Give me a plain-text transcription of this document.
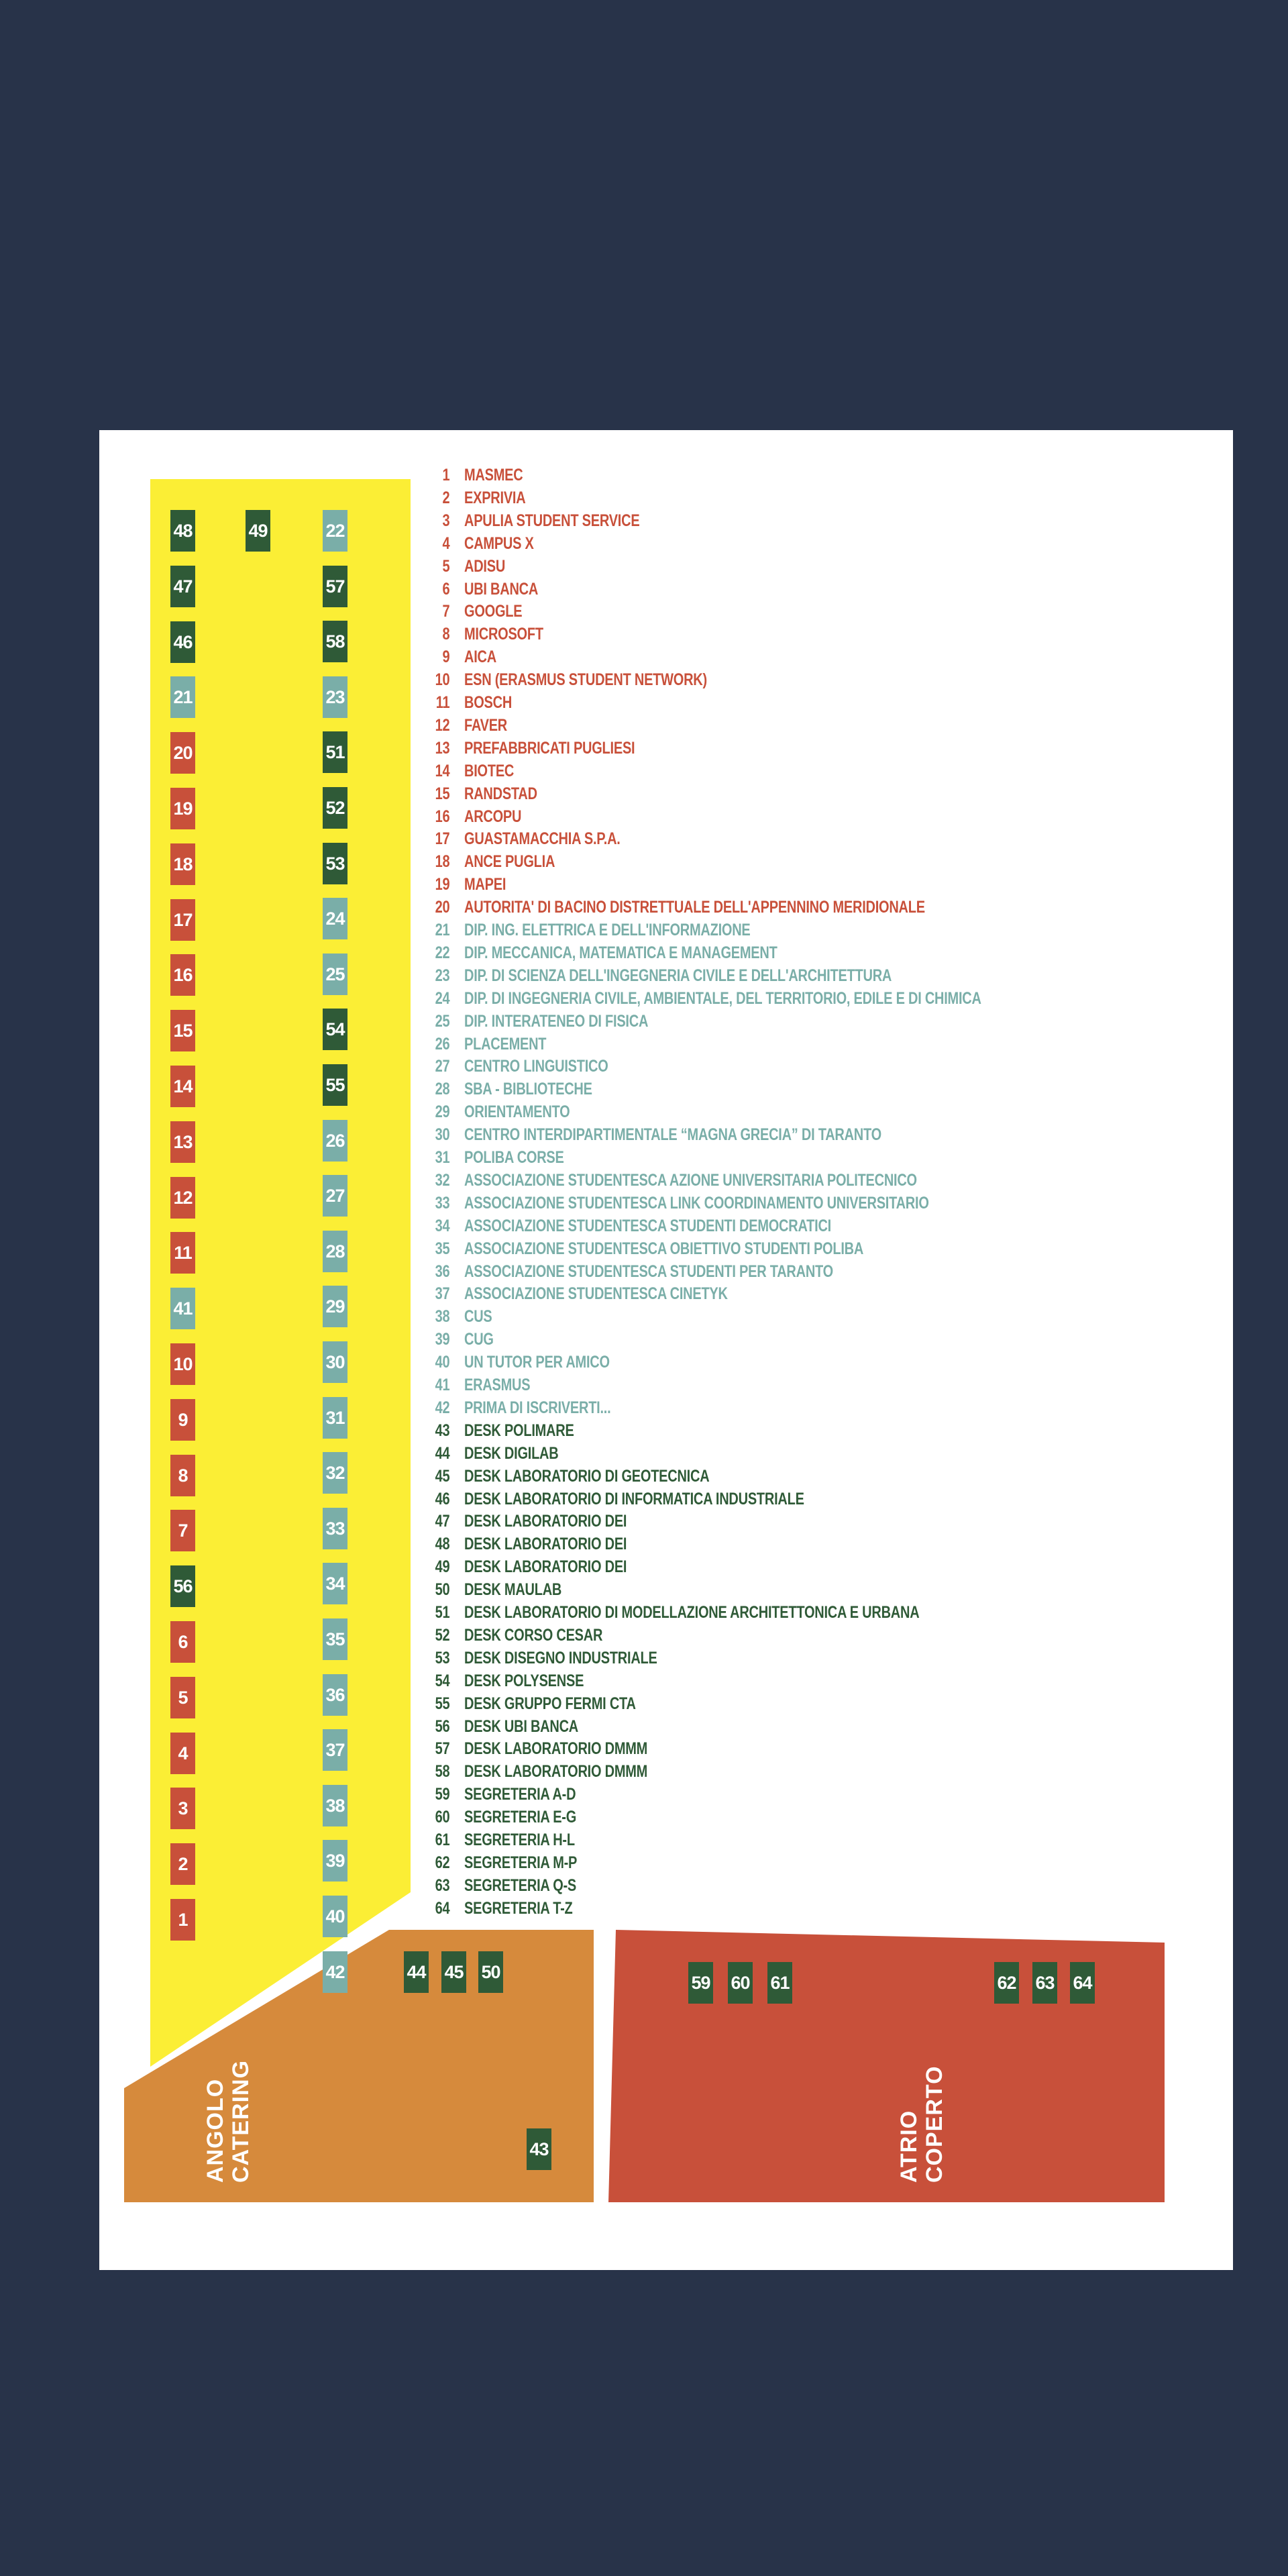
48
47
46
21
20
19
18
17
16
15
14
13
12
11
41
10
9
8
7
56
6
5
4
3
2
1
22
57
58
23
51
52
53
24
25
54
55
26
27
28
29
30
31
32
33
34
35
36
37
38
39
40
42
49
44 45 50
43
59 60 61	62 63 64
ANGOLO
CATERING	ATRIO
COPERTO
1 MASMEC
2 EXPRIVIA
3 APULIA STUDENT SERVICE
4 CAMPUS X
5 ADISU
6 UBI BANCA
7 GOOGLE
8 MICROSOFT
9 AICA
10 ESN (ERASMUS STUDENT NETWORK)
11 BOSCH
12 FAVER
13 PREFABBRICATI PUGLIESI
14 BIOTEC
15 RANDSTAD
16 ARCOPU
17 GUASTAMACCHIA S.P.A.
18 ANCE PUGLIA
19 MAPEI
20 AUTORITA' DI BACINO DISTRETTUALE DELL'APPENNINO MERIDIONALE
21 DIP. ING. ELETTRICA E DELL'INFORMAZIONE
22 DIP. MECCANICA, MATEMATICA E MANAGEMENT
23 DIP. DI SCIENZA DELL'INGEGNERIA CIVILE E DELL'ARCHITETTURA
24 DIP. DI INGEGNERIA CIVILE, AMBIENTALE, DEL TERRITORIO, EDILE E DI CHIMICA
25 DIP. INTERATENEO DI FISICA
26 PLACEMENT
27 CENTRO LINGUISTICO
28 SBA - BIBLIOTECHE
29 ORIENTAMENTO
30 CENTRO INTERDIPARTIMENTALE “MAGNA GRECIA” DI TARANTO
31 POLIBA CORSE
32 ASSOCIAZIONE STUDENTESCA AZIONE UNIVERSITARIA POLITECNICO
33 ASSOCIAZIONE STUDENTESCA LINK COORDINAMENTO UNIVERSITARIO
34 ASSOCIAZIONE STUDENTESCA STUDENTI DEMOCRATICI
35 ASSOCIAZIONE STUDENTESCA OBIETTIVO STUDENTI POLIBA
36 ASSOCIAZIONE STUDENTESCA STUDENTI PER TARANTO
37 ASSOCIAZIONE STUDENTESCA CINETYK
38 CUS
39 CUG
40 UN TUTOR PER AMICO
41 ERASMUS
42 PRIMA DI ISCRIVERTI...
43 DESK POLIMARE
44 DESK DIGILAB
45 DESK LABORATORIO DI GEOTECNICA
46 DESK LABORATORIO DI INFORMATICA INDUSTRIALE
47 DESK LABORATORIO DEI
48 DESK LABORATORIO DEI
49 DESK LABORATORIO DEI
50 DESK MAULAB
51 DESK LABORATORIO DI MODELLAZIONE ARCHITETTONICA E URBANA
52 DESK CORSO CESAR
53 DESK DISEGNO INDUSTRIALE
54 DESK POLYSENSE
55 DESK GRUPPO FERMI CTA
56 DESK UBI BANCA
57 DESK LABORATORIO DMMM
58 DESK LABORATORIO DMMM
59 SEGRETERIA A-D
60 SEGRETERIA E-G
61 SEGRETERIA H-L
62 SEGRETERIA M-P
63 SEGRETERIA Q-S
64 SEGRETERIA T-Z
